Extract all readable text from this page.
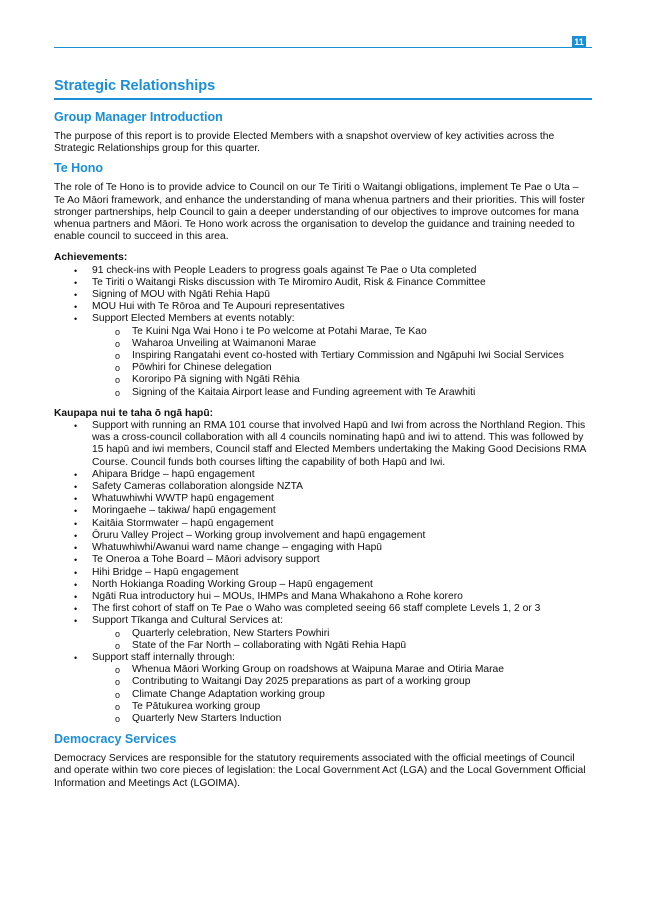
11
Strategic Relationships
Group Manager Introduction

The purpose of this report is to provide Elected Members with a snapshot overview of key activities across the Strategic Relationships group for this quarter.

Te Hono

The role of Te Hono is to provide advice to Council on our Te Tiriti o Waitangi obligations, implement Te Pae o Uta – Te Ao Māori framework, and enhance the understanding of mana whenua partners and their priorities. This will foster stronger partnerships, help Council to gain a deeper understanding of our objectives to improve outcomes for mana whenua partners and Māori. Te Hono work across the organisation to develop the guidance and training needed to enable council to succeed in this area.

Achievements:
• 91 check-ins with People Leaders to progress goals against Te Pae o Uta completed
• Te Tiriti o Waitangi Risks discussion with Te Miromiro Audit, Risk & Finance Committee
• Signing of MOU with Ngāti Rehia Hapū
• MOU Hui with Te Rōroa and Te Aupouri representatives
• Support Elected Members at events notably:
o Te Kuini Nga Wai Hono i te Po welcome at Potahi Marae, Te Kao
o Waharoa Unveiling at Waimanoni Marae
o Inspiring Rangatahi event co-hosted with Tertiary Commission and Ngāpuhi Iwi Social Services
o Pōwhiri for Chinese delegation
o Kororipo Pā signing with Ngāti Rēhia
o Signing of the Kaitaia Airport lease and Funding agreement with Te Arawhiti
Kaupapa nui te taha ō ngā hapū:
• Support with running an RMA 101 course that involved Hapū and Iwi from across the Northland Region. This was a cross-council collaboration with all 4 councils nominating hapū and iwi to attend. This was followed by 15 hapū and iwi members, Council staff and Elected Members undertaking the Making Good Decisions RMA Course. Council funds both courses lifting the capability of both Hapū and Iwi.
• Ahipara Bridge – hapū engagement
• Safety Cameras collaboration alongside NZTA
• Whatuwhiwhi WWTP hapū engagement
• Moringaehe – takiwa/ hapū engagement
• Kaitāia Stormwater – hapū engagement
• Ōruru Valley Project – Working group involvement and hapū engagement
• Whatuwhiwhi/Awanui ward name change – engaging with Hapū
• Te Oneroa a Tohe Board – Māori advisory support
• Hihi Bridge – Hapū engagement
• North Hokianga Roading Working Group – Hapū engagement
• Ngāti Rua introductory hui – MOUs, IHMPs and Mana Whakahono a Rohe korero
• The first cohort of staff on Te Pae o Waho was completed seeing 66 staff complete Levels 1, 2 or 3
• Support Tīkanga and Cultural Services at:
o Quarterly celebration, New Starters Powhiri
o State of the Far North – collaborating with Ngāti Rehia Hapū
• Support staff internally through:
o Whenua Māori Working Group on roadshows at Waipuna Marae and Otiria Marae
o Contributing to Waitangi Day 2025 preparations as part of a working group
o Climate Change Adaptation working group
o Te Pātukurea working group
o Quarterly New Starters Induction
Democracy Services

Democracy Services are responsible for the statutory requirements associated with the official meetings of Council and operate within two core pieces of legislation: the Local Government Act (LGA) and the Local Government Official Information and Meetings Act (LGOIMA).
